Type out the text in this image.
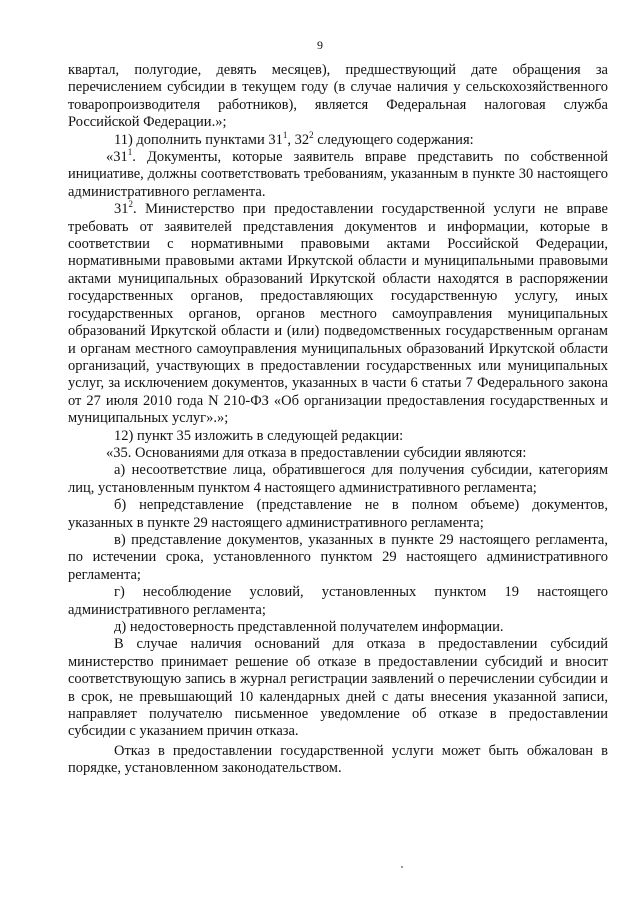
9

квартал, полугодие, девять месяцев), предшествующий дате обращения за перечислением субсидии в текущем году (в случае наличия у сельскохозяйственного товаропроизводителя работников), является Федеральная налоговая служба Российской Федерации.»;

11) дополнить пунктами $31^1$, $32^2$ следующего содержания:

«$31^1$. Документы, которые заявитель вправе представить по собственной инициативе, должны соответствовать требованиям, указанным в пункте 30 настоящего административного регламента.

$31^2$. Министерство при предоставлении государственной услуги не вправе требовать от заявителей представления документов и информации, которые в соответствии с нормативными правовыми актами Российской Федерации, нормативными правовыми актами Иркутской области и муниципальными правовыми актами муниципальных образований Иркутской области находятся в распоряжении государственных органов, предоставляющих государственную услугу, иных государственных органов, органов местного самоуправления муниципальных образований Иркутской области и (или) подведомственных государственным органам и органам местного самоуправления муниципальных образований Иркутской области организаций, участвующих в предоставлении государственных или муниципальных услуг, за исключением документов, указанных в части 6 статьи 7 Федерального закона от 27 июля 2010 года N 210-ФЗ «Об организации предоставления государственных и муниципальных услуг».»;

12) пункт 35 изложить в следующей редакции:

«35. Основаниями для отказа в предоставлении субсидии являются:

а) несоответствие лица, обратившегося для получения субсидии, категориям лиц, установленным пунктом 4 настоящего административного регламента;

б) непредставление (представление не в полном объеме) документов, указанных в пункте 29 настоящего административного регламента;

в) представление документов, указанных в пункте 29 настоящего регламента, по истечении срока, установленного пунктом 29 настоящего административного регламента;

г) несоблюдение условий, установленных пунктом 19 настоящего административного регламента;

д) недостоверность представленной получателем информации.

В случае наличия оснований для отказа в предоставлении субсидий министерство принимает решение об отказе в предоставлении субсидий и вносит соответствующую запись в журнал регистрации заявлений о перечислении субсидии и в срок, не превышающий 10 календарных дней с даты внесения указанной записи, направляет получателю письменное уведомление об отказе в предоставлении субсидии с указанием причин отказа.

Отказ в предоставлении государственной услуги может быть обжалован в порядке, установленном законодательством.
